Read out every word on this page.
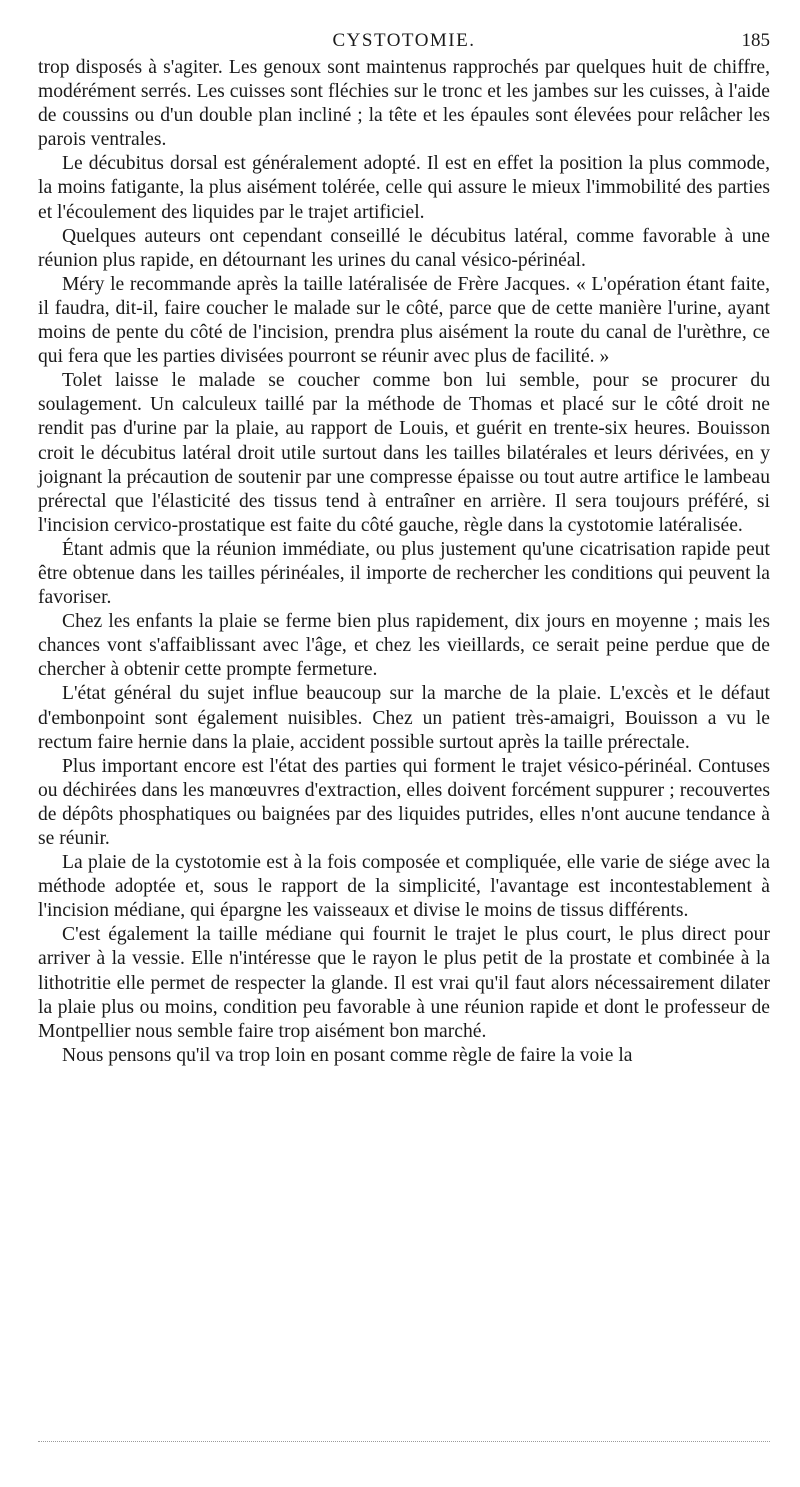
CYSTOTOMIE.	185

trop disposés à s'agiter. Les genoux sont maintenus rapprochés par quelques huit de chiffre, modérément serrés. Les cuisses sont fléchies sur le tronc et les jambes sur les cuisses, à l'aide de coussins ou d'un double plan incliné ; la tête et les épaules sont élevées pour relâcher les parois ventrales.

Le décubitus dorsal est généralement adopté. Il est en effet la position la plus commode, la moins fatigante, la plus aisément tolérée, celle qui assure le mieux l'immobilité des parties et l'écoulement des liquides par le trajet artificiel.

Quelques auteurs ont cependant conseillé le décubitus latéral, comme favorable à une réunion plus rapide, en détournant les urines du canal vésico-périnéal.

Méry le recommande après la taille latéralisée de Frère Jacques. « L'opération étant faite, il faudra, dit-il, faire coucher le malade sur le côté, parce que de cette manière l'urine, ayant moins de pente du côté de l'incision, prendra plus aisément la route du canal de l'urèthre, ce qui fera que les parties divisées pourront se réunir avec plus de facilité. »

Tolet laisse le malade se coucher comme bon lui semble, pour se procurer du soulagement. Un calculeux taillé par la méthode de Thomas et placé sur le côté droit ne rendit pas d'urine par la plaie, au rapport de Louis, et guérit en trente-six heures. Bouisson croit le décubitus latéral droit utile surtout dans les tailles bilatérales et leurs dérivées, en y joignant la précaution de soutenir par une compresse épaisse ou tout autre artifice le lambeau prérectal que l'élasticité des tissus tend à entraîner en arrière. Il sera toujours préféré, si l'incision cervico-prostatique est faite du côté gauche, règle dans la cystotomie latéralisée.

Étant admis que la réunion immédiate, ou plus justement qu'une cicatrisation rapide peut être obtenue dans les tailles périnéales, il importe de rechercher les conditions qui peuvent la favoriser.

Chez les enfants la plaie se ferme bien plus rapidement, dix jours en moyenne ; mais les chances vont s'affaiblissant avec l'âge, et chez les vieillards, ce serait peine perdue que de chercher à obtenir cette prompte fermeture.

L'état général du sujet influe beaucoup sur la marche de la plaie. L'excès et le défaut d'embonpoint sont également nuisibles. Chez un patient très-amaigri, Bouisson a vu le rectum faire hernie dans la plaie, accident possible surtout après la taille prérectale.

Plus important encore est l'état des parties qui forment le trajet vésico-périnéal. Contuses ou déchirées dans les manœuvres d'extraction, elles doivent forcément suppurer ; recouvertes de dépôts phosphatiques ou baignées par des liquides putrides, elles n'ont aucune tendance à se réunir.

La plaie de la cystotomie est à la fois composée et compliquée, elle varie de siége avec la méthode adoptée et, sous le rapport de la simplicité, l'avantage est incontestablement à l'incision médiane, qui épargne les vaisseaux et divise le moins de tissus différents.

C'est également la taille médiane qui fournit le trajet le plus court, le plus direct pour arriver à la vessie. Elle n'intéresse que le rayon le plus petit de la prostate et combinée à la lithotritie elle permet de respecter la glande. Il est vrai qu'il faut alors nécessairement dilater la plaie plus ou moins, condition peu favorable à une réunion rapide et dont le professeur de Montpellier nous semble faire trop aisément bon marché.

Nous pensons qu'il va trop loin en posant comme règle de faire la voie la
